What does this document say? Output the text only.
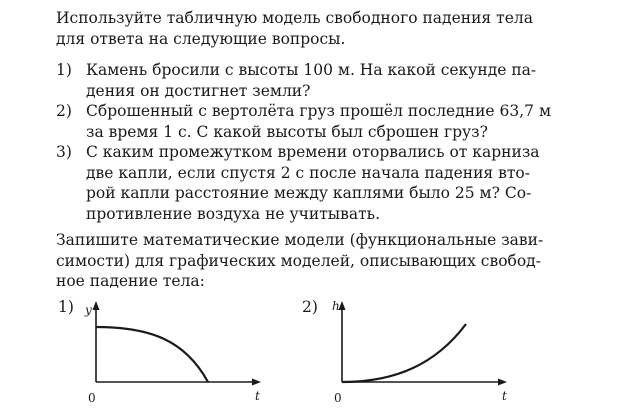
Используйте табличную модель свободного падения тела
для ответа на следующие вопросы.

1) Камень бросили с высоты 100 м. На какой секунде па-
дения он достигнет земли?
2) Сброшенный с вертолёта груз прошёл последние 63,7 м
за время 1 с. С какой высоты был сброшен груз?
3) С каким промежутком времени оторвались от карниза
две капли, если спустя 2 с после начала падения вто-
рой капли расстояние между каплями было 25 м? Со-
противление воздуха не учитывать.

Запишите математические модели (функциональные зави-
симости) для графических моделей, описывающих свобод-
ное падение тела:

1) y
t
0
2) h
t
0
